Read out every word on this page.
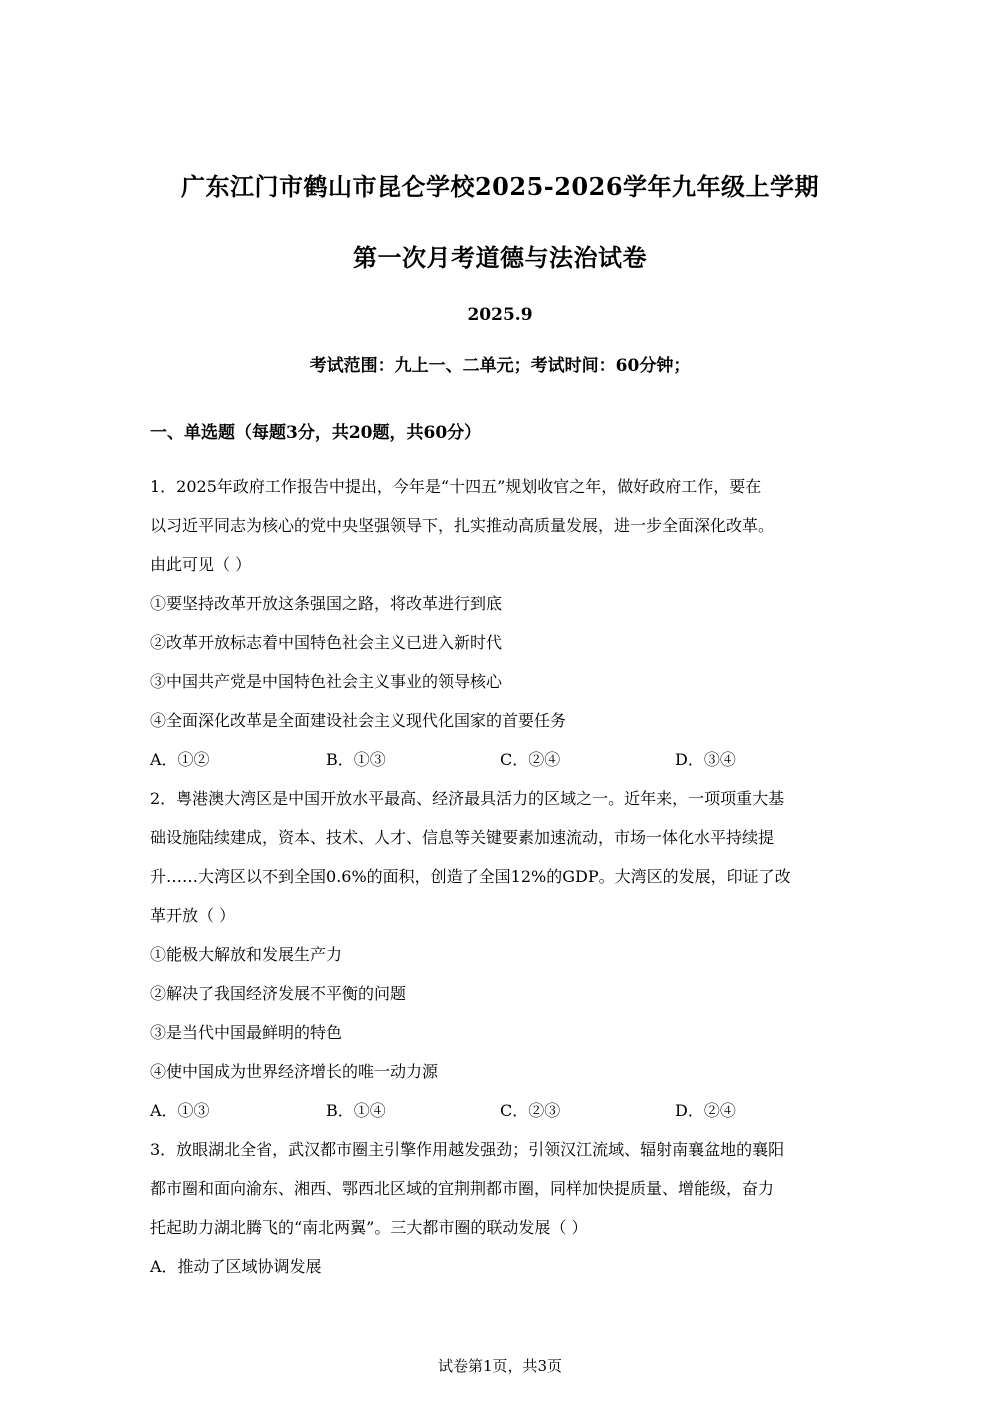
广东江门市鹤山市昆仑学校2025-2026学年九年级上学期
第一次月考道德与法治试卷
2025.9
考试范围：九上一、二单元；考试时间：60分钟；
一、单选题（每题3分，共20题，共60分）
1．2025年政府工作报告中提出，今年是“十四五”规划收官之年，做好政府工作，要在
以习近平同志为核心的党中央坚强领导下，扎实推动高质量发展，进一步全面深化改革。
由此可见（ ）
①要坚持改革开放这条强国之路，将改革进行到底
②改革开放标志着中国特色社会主义已进入新时代
③中国共产党是中国特色社会主义事业的领导核心
④全面深化改革是全面建设社会主义现代化国家的首要任务
A．①②	B．①③	C．②④	D．③④
2．粤港澳大湾区是中国开放水平最高、经济最具活力的区域之一。近年来，一项项重大基
础设施陆续建成，资本、技术、人才、信息等关键要素加速流动，市场一体化水平持续提
升……大湾区以不到全国0.6%的面积，创造了全国12%的GDP。大湾区的发展，印证了改
革开放（ ）
①能极大解放和发展生产力
②解决了我国经济发展不平衡的问题
③是当代中国最鲜明的特色
④使中国成为世界经济增长的唯一动力源
A．①③	B．①④	C．②③	D．②④
3．放眼湖北全省，武汉都市圈主引擎作用越发强劲；引领汉江流域、辐射南襄盆地的襄阳
都市圈和面向渝东、湘西、鄂西北区域的宜荆荆都市圈，同样加快提质量、增能级，奋力
托起助力湖北腾飞的“南北两翼”。三大都市圈的联动发展（ ）
A．推动了区域协调发展
试卷第1页，共3页
